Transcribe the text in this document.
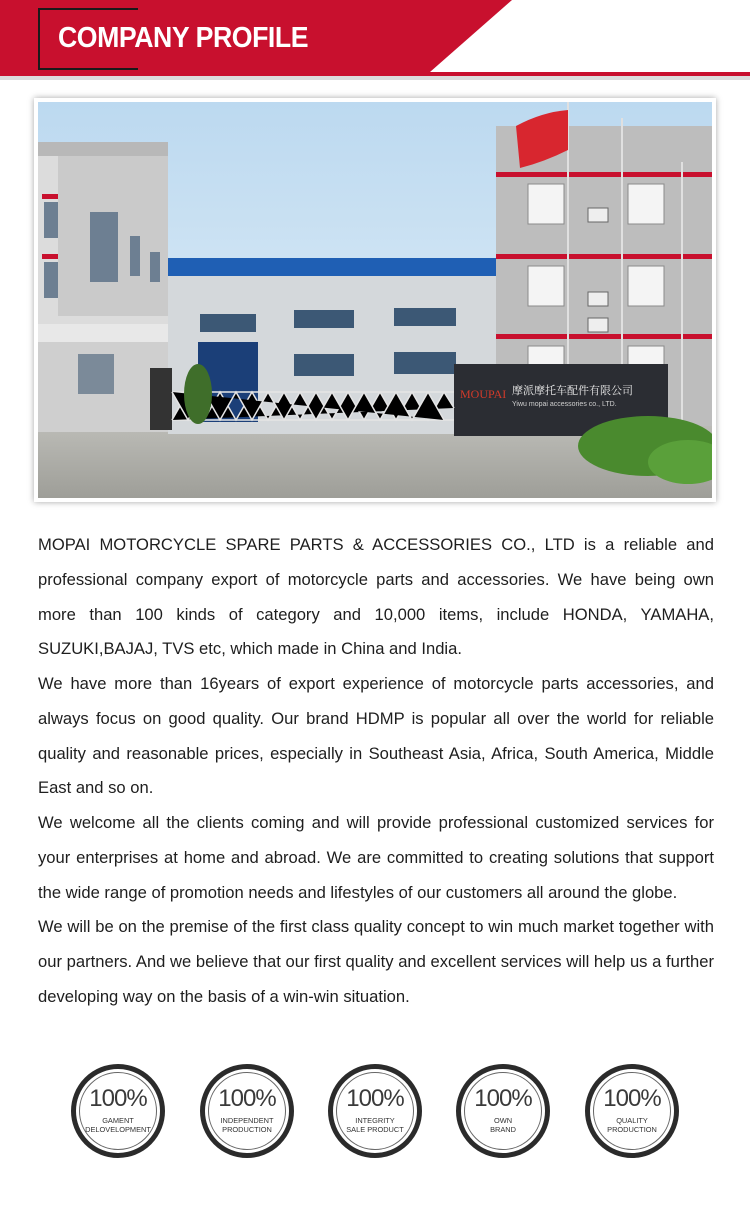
COMPANY PROFILE
MOUPAI 摩派摩托车配件有限公司
Yiwu mopai accessories co., LTD.

MOPAI MOTORCYCLE SPARE PARTS & ACCESSORIES CO., LTD is a reliable and professional company export of motorcycle parts and accessories. We have being own more than 100 kinds of category and 10,000 items, include HONDA, YAMAHA, SUZUKI,BAJAJ, TVS etc, which made in China and India.

We have more than 16years of export experience of motorcycle parts accessories, and always focus on good quality. Our brand HDMP is popular all over the world for reliable quality and reasonable prices, especially in Southeast Asia, Africa, South America, Middle East and so on.

We welcome all the clients coming and will provide professional customized services for your enterprises at home and abroad. We are committed to creating solutions that support the wide range of promotion needs and lifestyles of our customers all around the globe.

We will be on the premise of the first class quality concept to win much market together with our partners. And we believe that our first quality and excellent services will help us a further developing way on the basis of a win-win situation.

100%
GAMENT
DELOVELOPMENT
100%
INDEPENDENT
PRODUCTION
100%
INTEGRITY
SALE PRODUCT
100%
OWN
BRAND
100%
QUALITY
PRODUCTION
